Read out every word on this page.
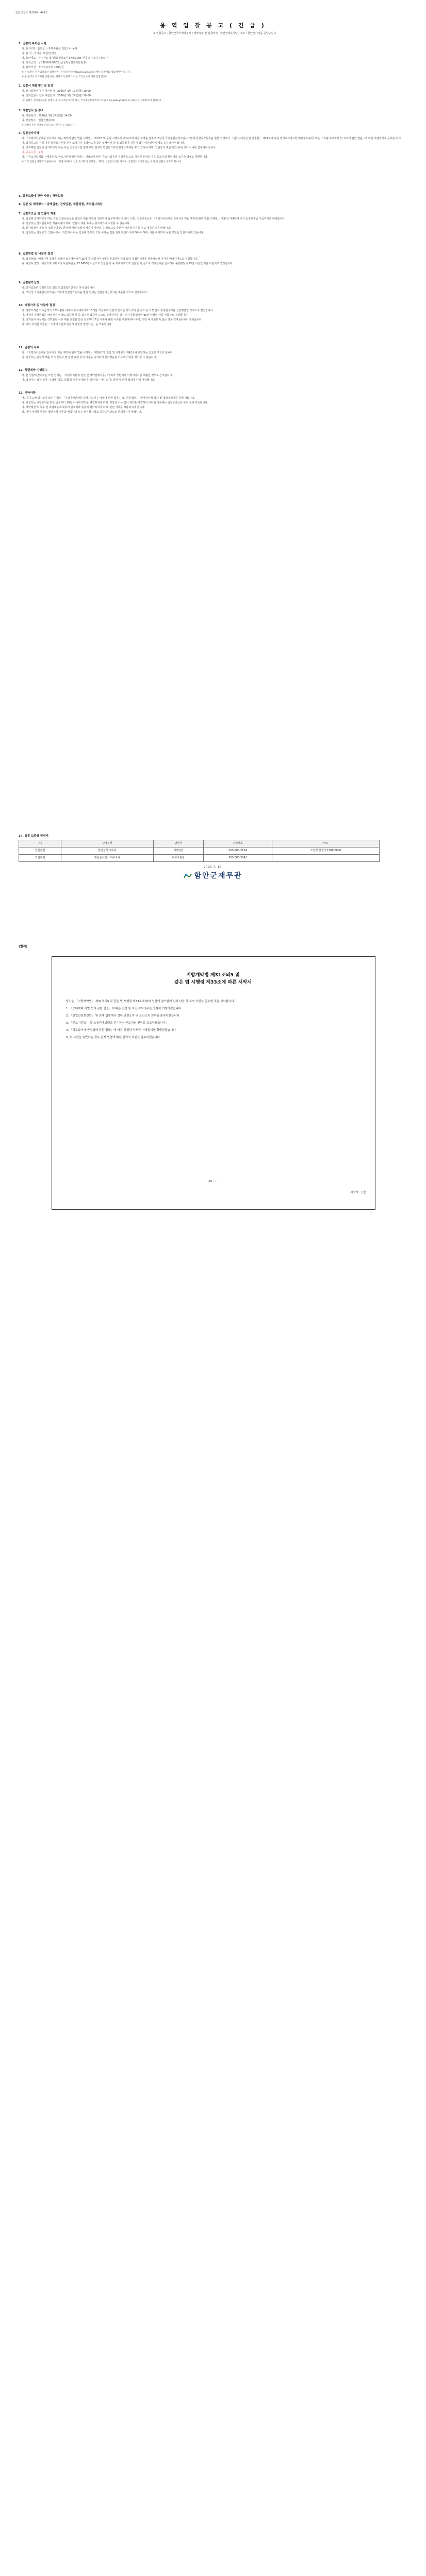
함안군공고 제2026 - 441호
용 역 입 찰 공 고 ( 긴 급 )
※ 입찰공고 : 함안군국가계약정보 / 계약유형 및 입찰조건 : 함안군정보마당 / 주소 : 함안군가야읍 중앙남길 4
1. 입찰에 부치는 사항
가. 용 역 명 : 함안군 노후하수관로 정밀조사 용역
나. 위 치 : 가야읍, 대산면 일원
다. 용역개요 : 하수관로 및 맨홀(정밀조사 L=85.0㎞, 맨홀조사 1식, TV조사)
라. 기초금액 : 금338,000,000원(금삼억삼천팔백만원정)
마. 용역기간 : 착수일로부터 150일간
※ 본 입찰은 전자입찰로만 집행하며, 전자조달시스템(www.g2b.go.kr)에서 입찰서를 제출하여야 합니다.
※ 본 용역은 지역제한 입찰이며, 최저가 낙찰제가 아닌 적격심사에 의한 입찰입니다.
2. 입찰서 제출기간 및 일정
가. 전자입찰서 접수 개시일시 : 2026년 3월 19일(목) 10:00
나. 전자입찰서 접수 마감일시 : 2026년 3월 24일(화) 10:00
(본 입찰은 전자입찰로만 집행하며, 전자조달시스템 또는 국가종합전자조달시스템(www.g2b.go.kr)으로 입찰서를 제출하여야 합니다.)
3. 개찰일시 및 장소
가. 개찰일시 : 2026년 3월 24일(화) 14:00
나. 개찰장소 : 입찰집행관 PC
※ 개찰시간은 사정에 따라 다소 지연될 수 있습니다.
4. 입찰참가자격
가. 「지방자치단체를 당사자로 하는 계약에 관한 법률 시행령」 제13조 및 동법 시행규칙 제14조에 따른 자격을 갖추고 조달청 국가종합전자조달시스템에 입찰참가등록을 필한 업체로서 「엔지니어링산업 진흥법」 제21조에 따른 엔지니어링사업자(하수도분야) 또는 「측량·수로조사 및 지적에 관한 법률」에 따른 측량업자로 등록된 업체
나. 입찰공고일 전일 기준 법인등기부상 본점 소재지가 경상남도에 있는 업체여야 하며, 입찰참가 신청서 접수 마감일까지 계속 유지하여야 합니다.
다. 지역제한 입찰에 참가하고자 하는 자는 입찰공고일 현재 해당 업체의 법인등기부상 본점소재지를 두고 있어야 하며, 입찰참가 제한 기간 중에 있지 아니한 업체여야 합니다.
나. 공동수급 : 불허
다. 「중소기업제품 구매촉진 및 판로지원에 관한 법률」 제9조에 따라 '중소기업자간 경쟁제품'으로 지정된 용역의 경우 중소기업 확인서를 소지한 업체로 제한합니다.
※ 기타 입찰참가자격과 관련하여 「지방자치단체 입찰 및 계약집행기준」 제5장 입찰유의서를 따르며, 입찰참가자격이 없는 자가 한 입찰은 무효로 합니다.
5. 공동도급에 관한 사항 : 해당없음
6. 입찰 및 계약방식 : 총액입찰, 전자입찰, 제한경쟁, 적격심사대상
7. 입찰보증금 및 입찰서 제출
가. 입찰에 참가하고자 하는 자는 입찰보증금을 입찰서 제출 마감일 전일까지 납부하여야 합니다. 다만, 입찰보증금은 「지방자치단체를 당사자로 하는 계약에 관한 법률 시행령」 제37조 제4항에 의거 입찰보증금 지급각서로 대체합니다.
나. 입찰서는 전자입찰로만 제출하여야 하며, 입찰서 제출 후에는 취소하거나 수정할 수 없습니다.
다. 전자입찰서 제출 시 입찰자의 PC 환경에 따라 입찰서 제출이 지연될 수 있으므로 충분한 시간적 여유를 두고 제출하시기 바랍니다.
라. 입찰자는 입찰공고, 입찰유의서, 과업지시서 등 입찰에 필요한 모든 사항을 입찰 전에 완전히 숙지하여야 하며, 이를 숙지하지 못한 책임은 입찰자에게 있습니다.
8. 입찰방법 및 낙찰자 결정
가. 입찰방법 : 예정가격 작성을 위하여 복수예비가격 15개 중 입찰자가 4개를 추첨하여 가장 많이 추첨된 4개를 산술평균한 가격을 예정가격으로 결정합니다.
나. 낙찰자 결정 : 예정가격 이하로서 낙찰하한율(87.745%) 이상으로 입찰한 자 중 최저가격으로 입찰한 자 순으로 적격심사를 실시하여 종합평점이 95점 이상인 자를 낙찰자로 결정합니다.
9. 입찰참가신청
가. 전자입찰로 집행하므로 별도의 입찰참가신청은 하지 않습니다.
나. 조달청 국가종합전자조달시스템에 입찰참가등록을 필한 업체는 입찰참가신청서를 제출한 것으로 간주합니다.
10. 예정가격 및 낙찰자 결정
가. 예정가격은 기초금액의 ±3% 범위 내에서 복수예비가격 15개를 작성하여 입찰에 참가한 자가 추첨한 번호 중 가장 많이 추첨된 4개를 산술평균한 가격으로 결정합니다.
나. 낙찰자 결정방법은 예정가격 이하로 입찰한 자 중 최저가 입찰자 순으로 적격심사를 실시하여 종합평점이 95점 이상인 자를 낙찰자로 결정합니다.
다. 적격심사 대상자는 적격심사 서류 제출 요청을 받은 날로부터 7일 이내에 관련 서류를 제출하여야 하며, 기한 내 제출하지 않는 경우 적격심사에서 제외합니다.
라. 기타 상세한 사항은 「지방자치단체 입찰시 낙찰자 결정기준」을 적용합니다.
11. 입찰의 무효
가. 「지방자치단체를 당사자로 하는 계약에 관한 법률 시행령」 제39조 및 같은 법 시행규칙 제42조에 해당하는 입찰은 무효로 합니다.
나. 입찰자는 입찰서 제출 후 입찰공고 및 관련 규정 등의 내용을 숙지하지 못하였음을 이유로 이의를 제기할 수 없습니다.
12. 청렴계약 이행준수
가. 본 입찰에 참가하는 모든 업체는 「지방자치단체 입찰 및 계약집행기준」에 따라 청렴계약 이행서약서를 제출한 것으로 간주합니다.
나. 입찰자는 입찰 참가 시 뇌물 제공, 담합 등 불공정 행위를 하여서는 아니 되며, 위반 시 관계 법령에 따라 처리합니다.
13. 기타사항
가. 이 공고에 명시되지 않은 사항은 「지방자치단체를 당사자로 하는 계약에 관한 법률」 및 관계 법령, 지방자치단체 입찰 및 계약집행기준 등에 따릅니다.
나. 낙찰자는 낙찰통지를 받은 날로부터 10일 이내에 계약을 체결하여야 하며, 정당한 이유 없이 계약을 체결하지 아니한 경우에는 입찰보증금은 우리 군에 귀속됩니다.
다. 계약체결 후 착수 전 과업내용에 대하여 발주처와 충분히 협의하여야 하며, 관련 서류를 제출하여야 합니다.
라. 기타 자세한 사항은 함안군청 재무과 계약담당 또는 맑은물사업소 하수도담당으로 문의하시기 바랍니다.
14. 입찰 보증금 담당자
구분	담당부서	담당자	전화번호	비고
입찰관련	함안군청 재무과	계약담당	055-580-2134	조달청 콜센터 1588-0800
과업관련	맑은물사업소 하수도과	하수도담당	055-580-3542	
2026. 3. 18.
함안군재무관
(별지)
지방계약법 제31조의5 및
같은 법 시행령 제33조에 따른 서약서

당사는 「지방계약법」 제31조의5 및 같은 법 시행령 제33조에 따라 입찰에 참가함에 있어 다음 각 호의 사항을 준수할 것을 서약합니다.

1. 「중대재해 처벌 등에 관한 법률」에 따른 안전 및 보건 확보의무를 성실히 이행하겠습니다.

2. 「산업안전보건법」 및 관계 법령에서 정한 안전조치 및 보건조치 의무를 준수하겠습니다.

3. 「근로기준법」 등 노동관계법령을 준수하여 근로자의 권익을 보호하겠습니다.

4. 「하도급거래 공정화에 관한 법률」에 따른 공정한 하도급 거래질서를 확립하겠습니다.

5. 위 사항을 위반하는 경우 관계 법령에 따른 불이익 처분을 감수하겠습니다.

20 . . .
서약자 : (인)
